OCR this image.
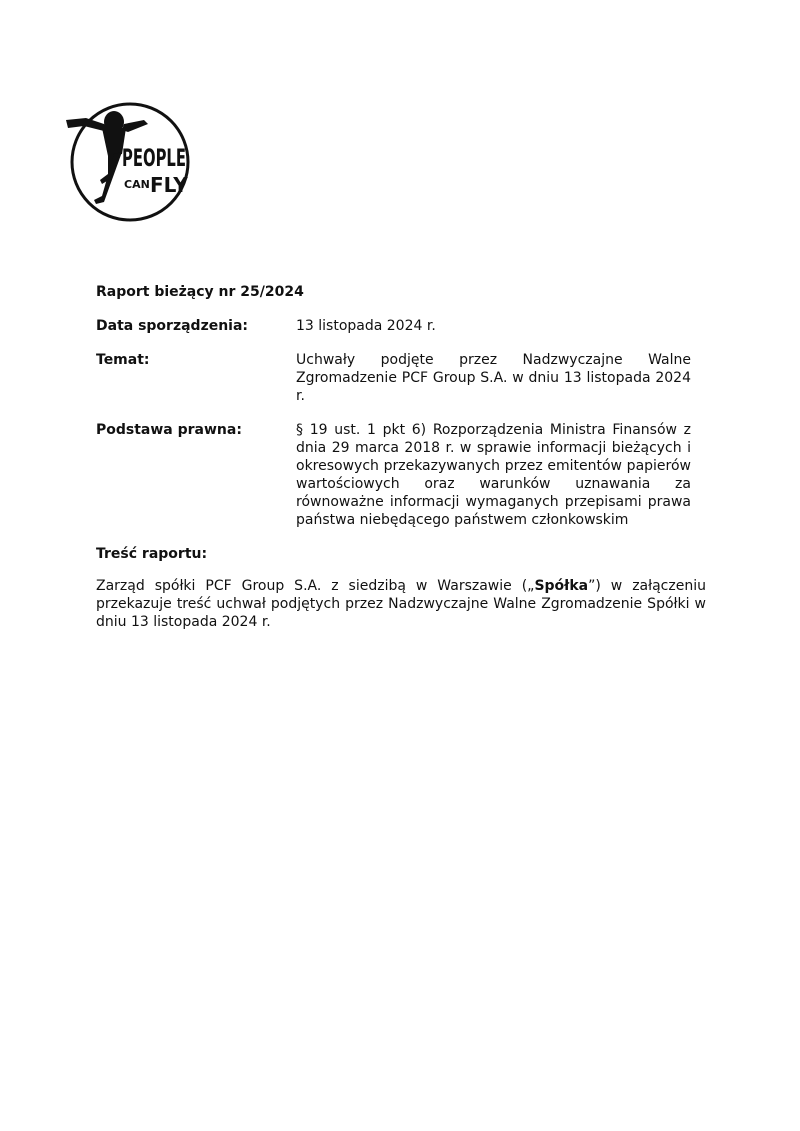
PEOPLE
CAN FLY

Raport bieżący nr 25/2024

Data sporządzenia:	13 listopada 2024 r.
Temat:	Uchwały podjęte przez Nadzwyczajne Walne Zgromadzenie PCF Group S.A. w dniu 13 listopada 2024 r.
Podstawa prawna:	§ 19 ust. 1 pkt 6) Rozporządzenia Ministra Finansów z dnia 29 marca 2018 r. w sprawie informacji bieżących i okresowych przekazywanych przez emitentów papierów wartościowych oraz warunków uznawania za równoważne informacji wymaganych przepisami prawa państwa niebędącego państwem członkowskim
Treść raportu:

Zarząd spółki PCF Group S.A. z siedzibą w Warszawie („Spółka”) w załączeniu przekazuje treść uchwał podjętych przez Nadzwyczajne Walne Zgromadzenie Spółki w dniu 13 listopada 2024 r.
